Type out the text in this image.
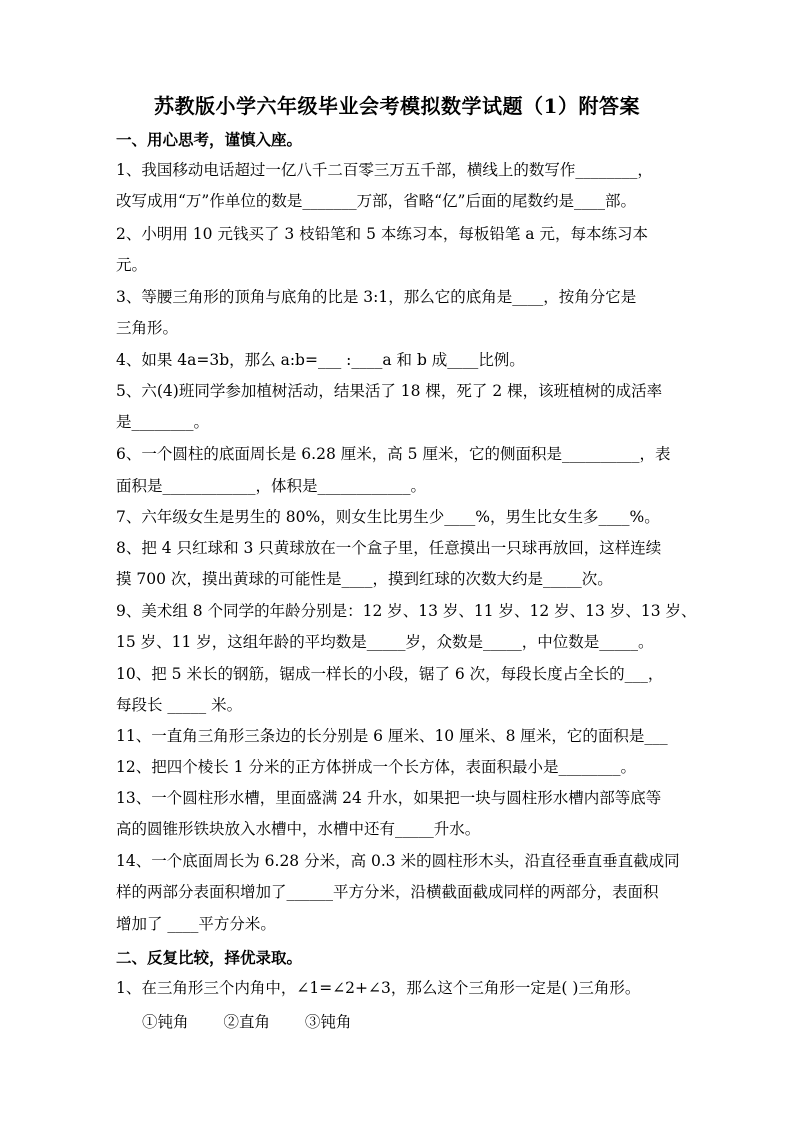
苏教版小学六年级毕业会考模拟数学试题（1）附答案
一、用心思考，谨慎入座。
1、我国移动电话超过一亿八千二百零三万五千部，横线上的数写作________，
改写成用“万”作单位的数是_______万部，省略“亿”后面的尾数约是____部。
2、小明用 10 元钱买了 3 枝铅笔和 5 本练习本，每板铅笔 a 元，每本练习本
元。
3、等腰三角形的顶角与底角的比是 3:1，那么它的底角是____，按角分它是
三角形。
4、如果 4a=3b，那么 a:b=___ :____a 和 b 成____比例。
5、六(4)班同学参加植树活动，结果活了 18 棵，死了 2 棵，该班植树的成活率
是________。
6、一个圆柱的底面周长是 6.28 厘米，高 5 厘米，它的侧面积是__________，表
面积是____________，体积是____________。
7、六年级女生是男生的 80%，则女生比男生少____%，男生比女生多____%。
8、把 4 只红球和 3 只黄球放在一个盒子里，任意摸出一只球再放回，这样连续
摸 700 次，摸出黄球的可能性是____，摸到红球的次数大约是_____次。
9、美术组 8 个同学的年龄分别是：12 岁、13 岁、11 岁、12 岁、13 岁、13 岁、
15 岁、11 岁，这组年龄的平均数是_____岁，众数是_____，中位数是_____。
10、把 5 米长的钢筋，锯成一样长的小段，锯了 6 次，每段长度占全长的___，
每段长 _____ 米。
11、一直角三角形三条边的长分别是 6 厘米、10 厘米、8 厘米，它的面积是___
12、把四个棱长 1 分米的正方体拼成一个长方体，表面积最小是________。
13、一个圆柱形水槽，里面盛满 24 升水，如果把一块与圆柱形水槽内部等底等
高的圆锥形铁块放入水槽中，水槽中还有_____升水。
14、一个底面周长为 6.28 分米，高 0.3 米的圆柱形木头，沿直径垂直垂直截成同
样的两部分表面积增加了______平方分米，沿横截面截成同样的两部分，表面积
增加了 ____平方分米。
二、反复比较，择优录取。
1、在三角形三个内角中，∠1=∠2+∠3，那么这个三角形一定是( )三角形。
①钝角 ②直角 ③钝角
